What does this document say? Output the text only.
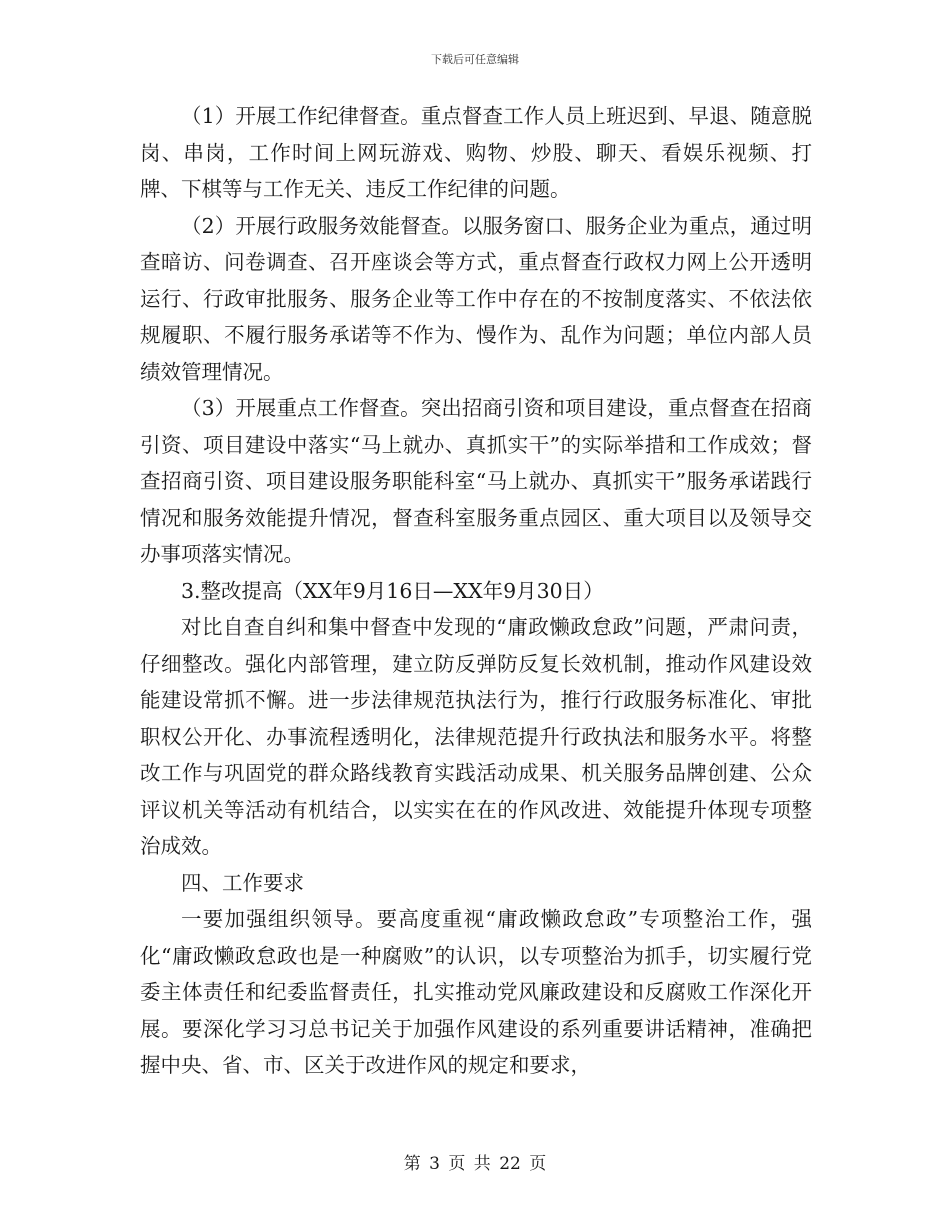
下载后可任意编辑

（1）开展工作纪律督查。重点督查工作人员上班迟到、早退、随意脱岗、串岗，工作时间上网玩游戏、购物、炒股、聊天、看娱乐视频、打牌、下棋等与工作无关、违反工作纪律的问题。

（2）开展行政服务效能督查。以服务窗口、服务企业为重点，通过明查暗访、问卷调查、召开座谈会等方式，重点督查行政权力网上公开透明运行、行政审批服务、服务企业等工作中存在的不按制度落实、不依法依规履职、不履行服务承诺等不作为、慢作为、乱作为问题；单位内部人员绩效管理情况。

（3）开展重点工作督查。突出招商引资和项目建设，重点督查在招商引资、项目建设中落实“马上就办、真抓实干”的实际举措和工作成效；督查招商引资、项目建设服务职能科室“马上就办、真抓实干”服务承诺践行情况和服务效能提升情况，督查科室服务重点园区、重大项目以及领导交办事项落实情况。

3.整改提高（XX年9月16日—XX年9月30日）

对比自查自纠和集中督查中发现的“庸政懒政怠政”问题，严肃问责，仔细整改。强化内部管理，建立防反弹防反复长效机制，推动作风建设效能建设常抓不懈。进一步法律规范执法行为，推行行政服务标准化、审批职权公开化、办事流程透明化，法律规范提升行政执法和服务水平。将整改工作与巩固党的群众路线教育实践活动成果、机关服务品牌创建、公众评议机关等活动有机结合，以实实在在的作风改进、效能提升体现专项整治成效。

四、工作要求

一要加强组织领导。要高度重视“庸政懒政怠政”专项整治工作，强化“庸政懒政怠政也是一种腐败”的认识，以专项整治为抓手，切实履行党委主体责任和纪委监督责任，扎实推动党风廉政建设和反腐败工作深化开展。要深化学习习总书记关于加强作风建设的系列重要讲话精神，准确把握中央、省、市、区关于改进作风的规定和要求，

第 3 页 共 22 页
